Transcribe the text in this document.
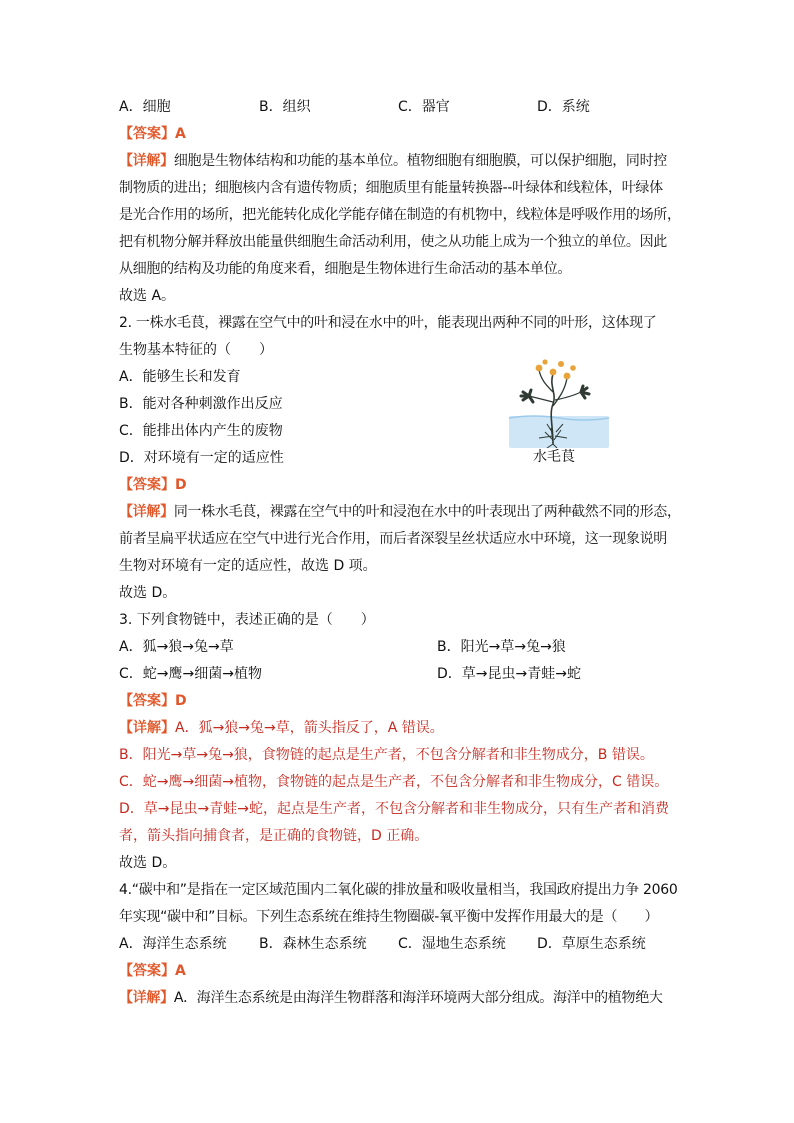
A．细胞	B．组织	C．器官	D．系统
【答案】A
【详解】细胞是生物体结构和功能的基本单位。植物细胞有细胞膜，可以保护细胞，同时控
制物质的进出；细胞核内含有遗传物质；细胞质里有能量转换器--叶绿体和线粒体，叶绿体
是光合作用的场所，把光能转化成化学能存储在制造的有机物中，线粒体是呼吸作用的场所，
把有机物分解并释放出能量供细胞生命活动利用，使之从功能上成为一个独立的单位。因此
从细胞的结构及功能的角度来看，细胞是生物体进行生命活动的基本单位。
故选 A。
2. 一株水毛茛，裸露在空气中的叶和浸在水中的叶，能表现出两种不同的叶形，这体现了
生物基本特征的（　　）
A．能够生长和发育
B．能对各种刺激作出反应
C．能排出体内产生的废物
D．对环境有一定的适应性
【答案】D
【详解】同一株水毛茛，裸露在空气中的叶和浸泡在水中的叶表现出了两种截然不同的形态，
前者呈扁平状适应在空气中进行光合作用，而后者深裂呈丝状适应水中环境，这一现象说明
生物对环境有一定的适应性，故选 D 项。
故选 D。
3. 下列食物链中，表述正确的是（　　）
A．狐→狼→兔→草	B．阳光→草→兔→狼
C．蛇→鹰→细菌→植物	D．草→昆虫→青蛙→蛇
【答案】D
【详解】A．狐→狼→兔→草，箭头指反了，A 错误。
B．阳光→草→兔→狼，食物链的起点是生产者，不包含分解者和非生物成分，B 错误。
C．蛇→鹰→细菌→植物，食物链的起点是生产者，不包含分解者和非生物成分，C 错误。
D．草→昆虫→青蛙→蛇，起点是生产者，不包含分解者和非生物成分，只有生产者和消费
者，箭头指向捕食者，是正确的食物链，D 正确。
故选 D。
4.“碳中和”是指在一定区域范围内二氧化碳的排放量和吸收量相当，我国政府提出力争 2060
年实现“碳中和”目标。下列生态系统在维持生物圈碳-氧平衡中发挥作用最大的是（　　）
A．海洋生态系统 B．森林生态系统 C．湿地生态系统 D．草原生态系统
【答案】A
【详解】A．海洋生态系统是由海洋生物群落和海洋环境两大部分组成。海洋中的植物绝大
水毛茛
